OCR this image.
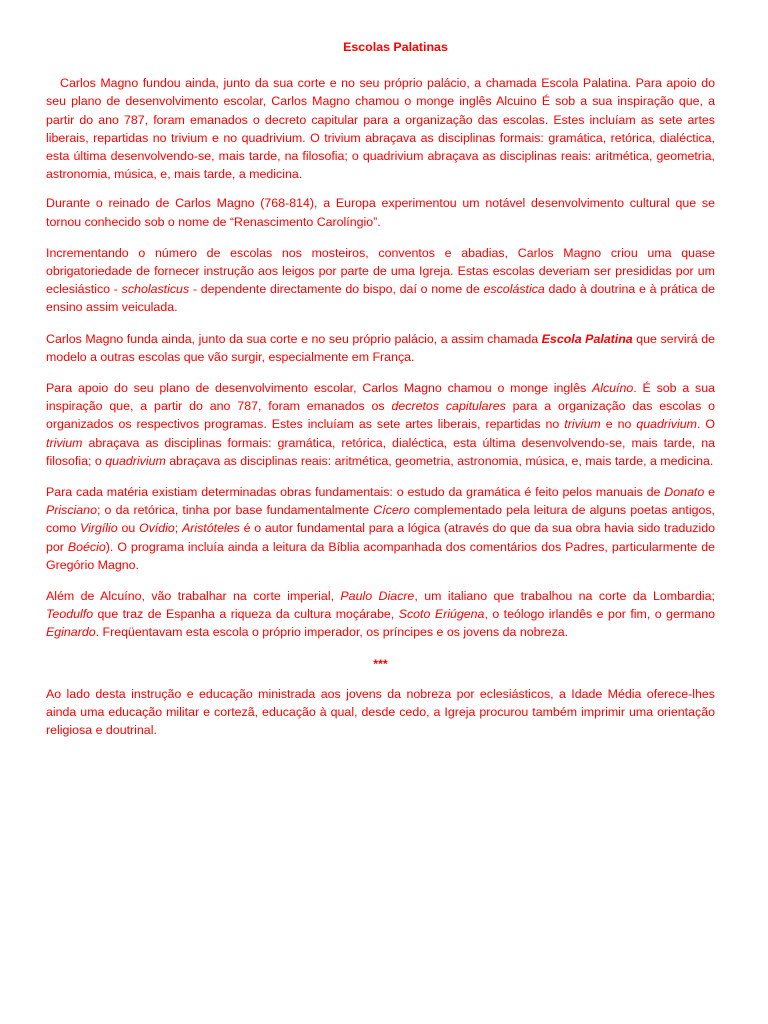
Escolas Palatinas

Carlos Magno fundou ainda, junto da sua corte e no seu próprio palácio, a chamada Escola Palatina. Para apoio do seu plano de desenvolvimento escolar, Carlos Magno chamou o monge inglês Alcuino É sob a sua inspiração que, a partir do ano 787, foram emanados o decreto capitular para a organização das escolas. Estes incluíam as sete artes liberais, repartidas no trivium e no quadrivium. O trivium abraçava as disciplinas formais: gramática, retórica, dialéctica, esta última desenvolvendo-se, mais tarde, na filosofia; o quadrivium abraçava as disciplinas reais: aritmética, geometria, astronomia, música, e, mais tarde, a medicina.

Durante o reinado de Carlos Magno (768-814), a Europa experimentou um notável desenvolvimento cultural que se tornou conhecido sob o nome de “Renascimento Carolíngio”.

Incrementando o número de escolas nos mosteiros, conventos e abadias, Carlos Magno criou uma quase obrigatoriedade de fornecer instrução aos leigos por parte de uma Igreja. Estas escolas deveriam ser presididas por um eclesiástico - scholasticus - dependente directamente do bispo, daí o nome de escolástica dado à doutrina e à prática de ensino assim veiculada.

Carlos Magno funda ainda, junto da sua corte e no seu próprio palácio, a assim chamada Escola Palatina que servirá de modelo a outras escolas que vão surgir, especialmente em França.

Para apoio do seu plano de desenvolvimento escolar, Carlos Magno chamou o monge inglês Alcuíno. É sob a sua inspiração que, a partir do ano 787, foram emanados os decretos capitulares para a organização das escolas o organizados os respectivos programas. Estes incluíam as sete artes liberais, repartidas no trivium e no quadrivium. O trivium abraçava as disciplinas formais: gramática, retórica, dialéctica, esta última desenvolvendo-se, mais tarde, na filosofia; o quadrivium abraçava as disciplinas reais: aritmética, geometria, astronomia, música, e, mais tarde, a medicina.

Para cada matéria existiam determinadas obras fundamentais: o estudo da gramática é feito pelos manuais de Donato e Prisciano; o da retórica, tinha por base fundamentalmente Cícero complementado pela leitura de alguns poetas antigos, como Virgílio ou Ovídio; Aristóteles é o autor fundamental para a lógica (através do que da sua obra havia sido traduzido por Boécio). O programa incluía ainda a leitura da Bíblia acompanhada dos comentários dos Padres, particularmente de Gregório Magno.

Além de Alcuíno, vão trabalhar na corte imperial, Paulo Diacre, um italiano que trabalhou na corte da Lombardia; Teodulfo que traz de Espanha a riqueza da cultura moçárabe, Scoto Eriúgena, o teólogo irlandês e por fim, o germano Eginardo. Freqüentavam esta escola o próprio imperador, os príncipes e os jovens da nobreza.

***

Ao lado desta instrução e educação ministrada aos jovens da nobreza por eclesiásticos, a Idade Média oferece-lhes ainda uma educação militar e cortezã, educação à qual, desde cedo, a Igreja procurou também imprimir uma orientação religiosa e doutrinal.
